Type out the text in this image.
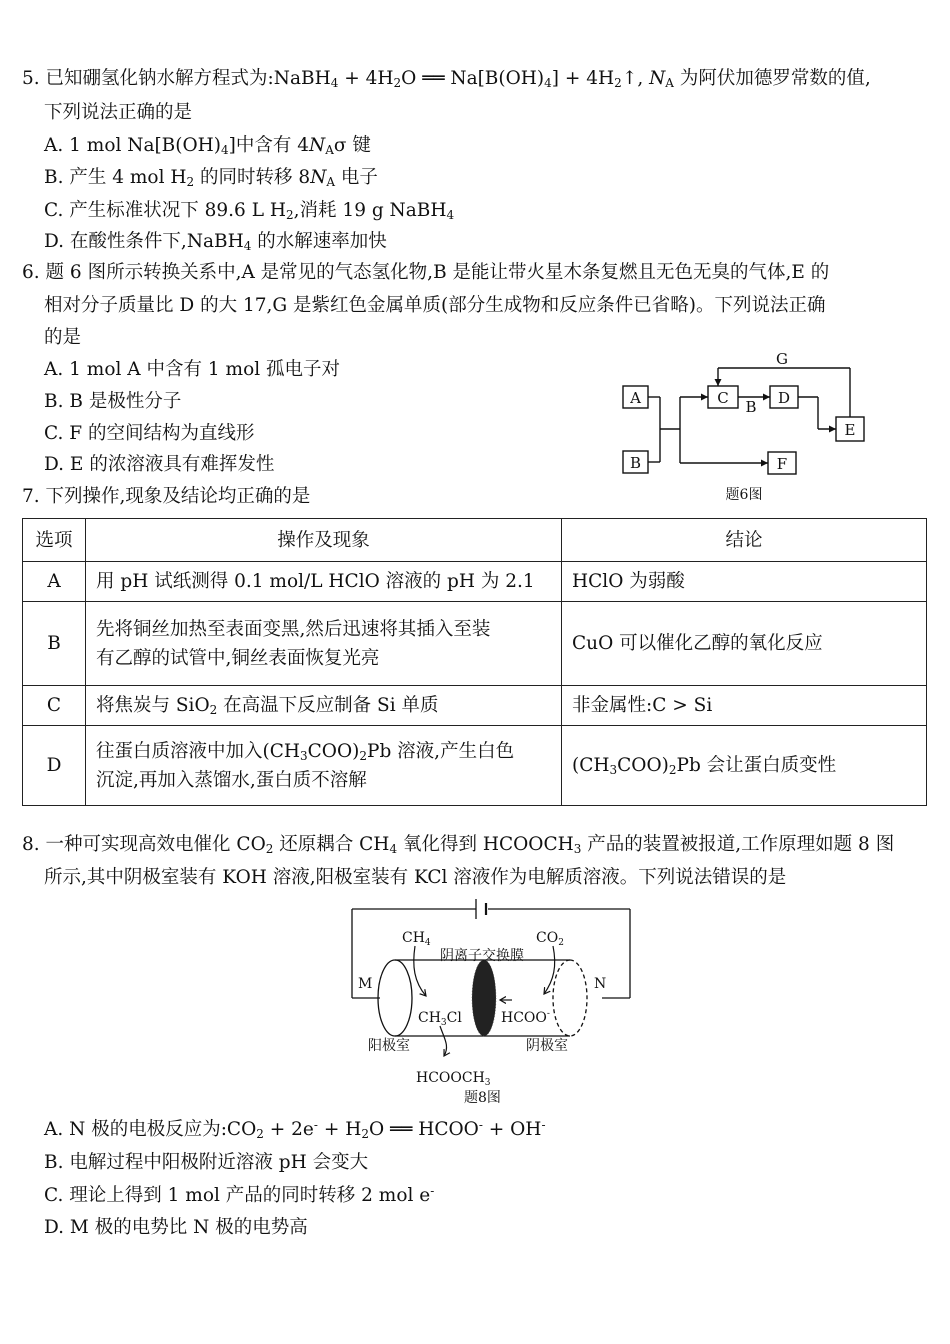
5. 已知硼氢化钠水解方程式为:NaBH$_4$ + $4H_2O$ ══ $Na[B(OH)_4]$ + $4H_2↑$, $N_A$ 为阿伏加德罗常数的值,
下列说法正确的是
A. 1 mol $Na[B(OH)_4]$中含有 $4N_A\sigma$ 键
B. 产生 4 mol $H_2$ 的同时转移 $8N_A$ 电子
C. 产生标准状况下 89.6 L $H_2$,消耗 19 g NaBH$_4$
D. 在酸性条件下,NaBH$_4$ 的水解速率加快
6. 题 6 图所示转换关系中,A 是常见的气态氢化物,B 是能让带火星木条复燃且无色无臭的气体,E 的
相对分子质量比 D 的大 17,G 是紫红色金属单质(部分生成物和反应条件已省略)。下列说法正确
的是
A. 1 mol A 中含有 1 mol 孤电子对
B. B 是极性分子
C. F 的空间结构为直线形
D. E 的浓溶液具有难挥发性
A
B
C	D
E
F
G
B
题6图
7. 下列操作,现象及结论均正确的是
选项	操作及现象	结论
A	用 pH 试纸测得 0.1 mol/L HClO 溶液的 pH 为 2.1	HClO 为弱酸
B	先将铜丝加热至表面变黑,然后迅速将其插入至装
有乙醇的试管中,铜丝表面恢复光亮	CuO 可以催化乙醇的氧化反应
C	将焦炭与 SiO$_2$ 在高温下反应制备 Si 单质	非金属性:C > Si
D	往蛋白质溶液中加入$(CH_3COO)_2Pb$ 溶液,产生白色
沉淀,再加入蒸馏水,蛋白质不溶解	$(CH_3COO)_2Pb$ 会让蛋白质变性
8. 一种可实现高效电催化 $CO_2$ 还原耦合 $CH_4$ 氧化得到 $HCOOCH_3$ 产品的装置被报道,工作原理如题 8 图
所示,其中阴极室装有 KOH 溶液,阳极室装有 KCl 溶液作为电解质溶液。下列说法错误的是
$CH_4$	$CO_2$
阴离子交换膜
M	N
$CH_3Cl$	HCOO-
阳极室	阴极室
$HCOOCH_3$
题8图
A. N 极的电极反应为$:CO_2 + 2e^- + H_2O$ ══ HCOO- + OH-
B. 电解过程中阳极附近溶液 pH 会变大
C. 理论上得到 1 mol 产品的同时转移 2 mol e-
D. M 极的电势比 N 极的电势高
